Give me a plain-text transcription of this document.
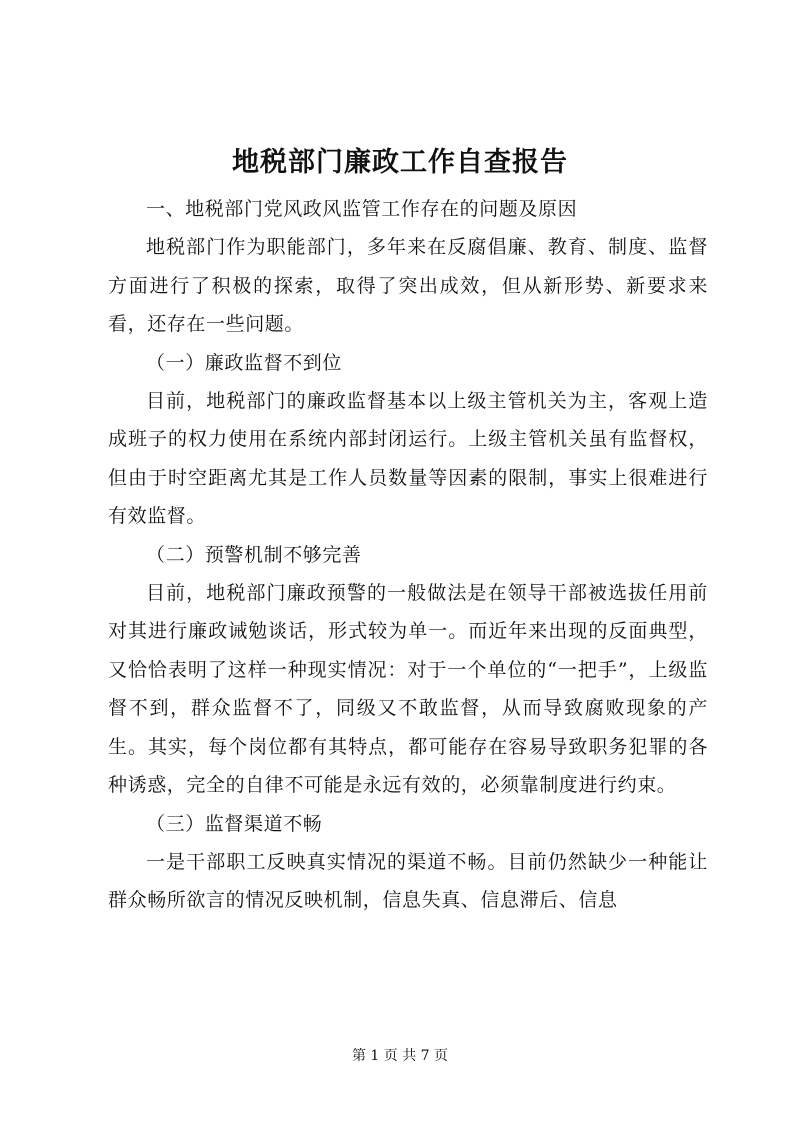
地税部门廉政工作自查报告

一、地税部门党风政风监管工作存在的问题及原因

地税部门作为职能部门，多年来在反腐倡廉、教育、制度、监督方面进行了积极的探索，取得了突出成效，但从新形势、新要求来看，还存在一些问题。

（一）廉政监督不到位

目前，地税部门的廉政监督基本以上级主管机关为主，客观上造成班子的权力使用在系统内部封闭运行。上级主管机关虽有监督权，但由于时空距离尤其是工作人员数量等因素的限制，事实上很难进行有效监督。

（二）预警机制不够完善

目前，地税部门廉政预警的一般做法是在领导干部被选拔任用前对其进行廉政诫勉谈话，形式较为单一。而近年来出现的反面典型，又恰恰表明了这样一种现实情况：对于一个单位的“一把手”，上级监督不到，群众监督不了，同级又不敢监督，从而导致腐败现象的产生。其实，每个岗位都有其特点，都可能存在容易导致职务犯罪的各种诱惑，完全的自律不可能是永远有效的，必须靠制度进行约束。

（三）监督渠道不畅

一是干部职工反映真实情况的渠道不畅。目前仍然缺少一种能让群众畅所欲言的情况反映机制，信息失真、信息滞后、信息

第 1 页 共 7 页
